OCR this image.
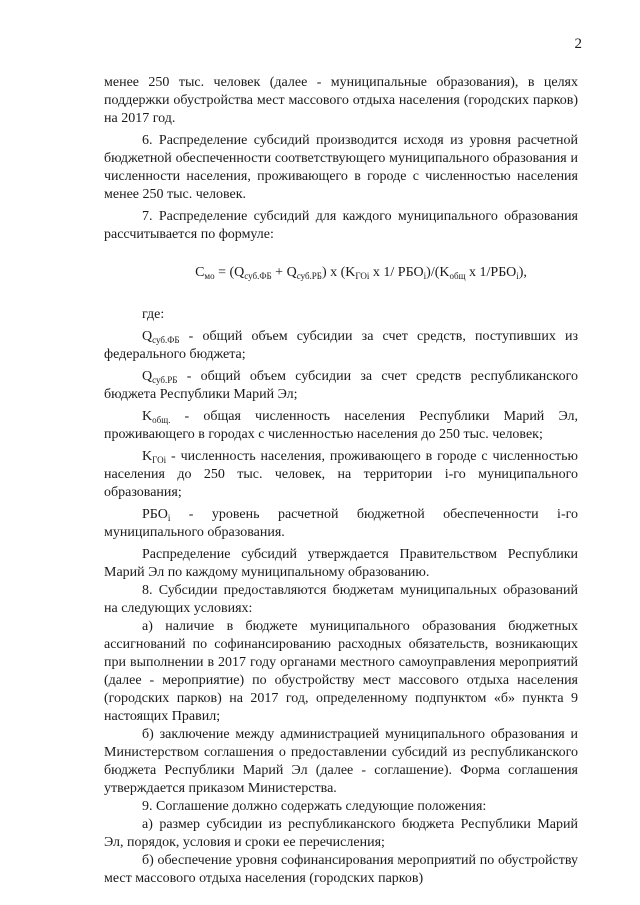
2

менее 250 тыс. человек (далее - муниципальные образования), в целях поддержки обустройства мест массового отдыха населения (городских парков) на 2017 год.

6. Распределение субсидий производится исходя из уровня расчетной бюджетной обеспеченности соответствующего муниципального образования и численности населения, проживающего в городе с численностью населения менее 250 тыс. человек.

7. Распределение субсидий для каждого муниципального образования рассчитывается по формуле:

$C_{мо} = (Q_{суб.ФБ} + Q_{суб.РБ})$ x ($K_{ГОi}$ x 1/ $РБО_i)/(K_{общ}$ x $1/РБО_i$),

где:

$Q_{суб.ФБ}$ - общий объем субсидии за счет средств, поступивших из федерального бюджета;

$Q_{суб.РБ}$ - общий объем субсидии за счет средств республиканского бюджета Республики Марий Эл;

$K_{общ.}$ - общая численность населения Республики Марий Эл, проживающего в городах с численностью населения до 250 тыс. человек;

$K_{ГОi}$ - численность населения, проживающего в городе с численностью населения до 250 тыс. человек, на территории i-го муниципального образования;

$РБО_i$ - уровень расчетной бюджетной обеспеченности i-го муниципального образования.

Распределение субсидий утверждается Правительством Республики Марий Эл по каждому муниципальному образованию.

8. Субсидии предоставляются бюджетам муниципальных образований на следующих условиях:

а) наличие в бюджете муниципального образования бюджетных ассигнований по софинансированию расходных обязательств, возникающих при выполнении в 2017 году органами местного самоуправления мероприятий (далее - мероприятие) по обустройству мест массового отдыха населения (городских парков) на 2017 год, определенному подпунктом «б» пункта 9 настоящих Правил;

б) заключение между администрацией муниципального образования и Министерством соглашения о предоставлении субсидий из республиканского бюджета Республики Марий Эл (далее - соглашение). Форма соглашения утверждается приказом Министерства.

9. Соглашение должно содержать следующие положения:

а) размер субсидии из республиканского бюджета Республики Марий Эл, порядок, условия и сроки ее перечисления;

б) обеспечение уровня софинансирования мероприятий по обустройству мест массового отдыха населения (городских парков)
